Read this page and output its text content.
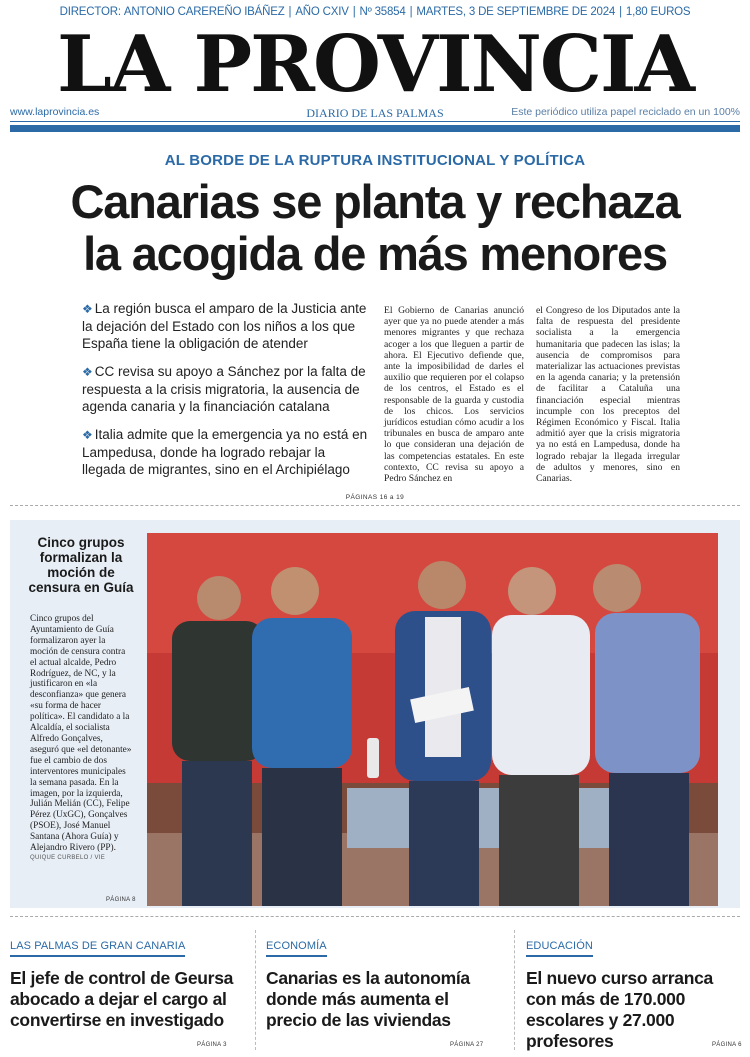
DIRECTOR: ANTONIO CAREREÑO IBÁÑEZ | AÑO CXIV | Nº 35854 | MARTES, 3 DE SEPTIEMBRE DE 2024 | 1,80 EUROS
LA PROVINCIA
DIARIO DE LAS PALMAS
www.laprovincia.es	Este periódico utiliza papel reciclado en un 100%
AL BORDE DE LA RUPTURA INSTITUCIONAL Y POLÍTICA
Canarias se planta y rechaza
la acogida de más menores
❖ La región busca el amparo de la Justicia ante la dejación del Estado con los niños a los que España tiene la obligación de atender
❖ CC revisa su apoyo a Sánchez por la falta de respuesta a la crisis migratoria, la ausencia de agenda canaria y la financiación catalana
❖ Italia admite que la emergencia ya no está en Lampedusa, donde ha logrado rebajar la llegada de migrantes, sino en el Archipiélago
El Gobierno de Canarias anunció ayer que ya no puede atender a más menores migrantes y que rechaza acoger a los que lleguen a partir de ahora. El Ejecutivo defiende que, ante la imposibilidad de darles el auxilio que requieren por el colapso de los centros, el Estado es el responsable de la guarda y custodia de los chicos. Los servicios jurídicos estudian cómo acudir a los tribunales en busca de amparo ante lo que consideran una dejación de las competencias estatales. En este contexto, CC revisa su apoyo a Pedro Sánchez en
el Congreso de los Diputados ante la falta de respuesta del presidente socialista a la emergencia humanitaria que padecen las islas; la ausencia de compromisos para materializar las actuaciones previstas en la agenda canaria; y la pretensión de facilitar a Cataluña una financiación especial mientras incumple con los preceptos del Régimen Económico y Fiscal. Italia admitió ayer que la crisis migratoria ya no está en Lampedusa, donde ha logrado rebajar la llegada irregular de adultos y menores, sino en Canarias.
PÁGINAS 16 a 19
Cinco grupos formalizan la moción de censura en Guía
Cinco grupos del Ayuntamiento de Guía formalizaron ayer la moción de censura contra el actual alcalde, Pedro Rodríguez, de NC, y la justificaron en «la desconfianza» que genera «su forma de hacer política». El candidato a la Alcaldía, el socialista Alfredo Gonçalves, aseguró que «el detonante» fue el cambio de dos interventores municipales la semana pasada. En la imagen, por la izquierda, Julián Melián (CC), Felipe Pérez (UxGC), Gonçalves (PSOE), José Manuel Santana (Ahora Guía) y Alejandro Rivero (PP).
QUIQUE CURBELO / VIE
PÁGINA 8
LAS PALMAS DE GRAN CANARIA
El jefe de control de Geursa abocado a dejar el cargo al convertirse en investigado
PÁGINA 3
ECONOMÍA
Canarias es la autonomía donde más aumenta el precio de las viviendas
PÁGINA 27
EDUCACIÓN
El nuevo curso arranca con más de 170.000 escolares y 27.000 profesores	PÁGINA 6
